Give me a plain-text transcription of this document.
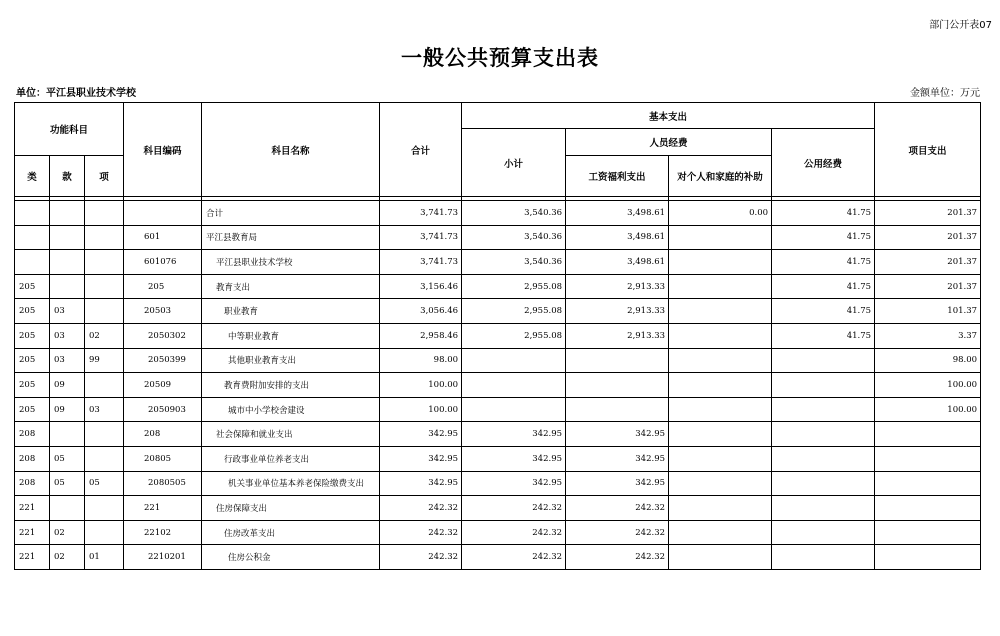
部门公开表07
一般公共预算支出表
单位：平江县职业技术学校	金额单位：万元
功能科目			科目编码	科目名称	合计	基本支出				项目支出
						小计	人员经费		公用经费	
类	款	项					工资福利支出	对个人和家庭的补助		

				合计	3,741.73	3,540.36	3,498.61	0.00	41.75	201.37
			601	平江县教育局	3,741.73	3,540.36	3,498.61		41.75	201.37
			601076	平江县职业技术学校	3,741.73	3,540.36	3,498.61		41.75	201.37
205			205	教育支出	3,156.46	2,955.08	2,913.33		41.75	201.37
205	03		20503	职业教育	3,056.46	2,955.08	2,913.33		41.75	101.37
205	03	02	2050302	中等职业教育	2,958.46	2,955.08	2,913.33		41.75	3.37
205	03	99	2050399	其他职业教育支出	98.00					98.00
205	09		20509	教育费附加安排的支出	100.00					100.00
205	09	03	2050903	城市中小学校舍建设	100.00					100.00
208			208	社会保障和就业支出	342.95	342.95	342.95			
208	05		20805	行政事业单位养老支出	342.95	342.95	342.95			
208	05	05	2080505	机关事业单位基本养老保险缴费支出	342.95	342.95	342.95			
221			221	住房保障支出	242.32	242.32	242.32			
221	02		22102	住房改革支出	242.32	242.32	242.32			
221	02	01	2210201	住房公积金	242.32	242.32	242.32			
